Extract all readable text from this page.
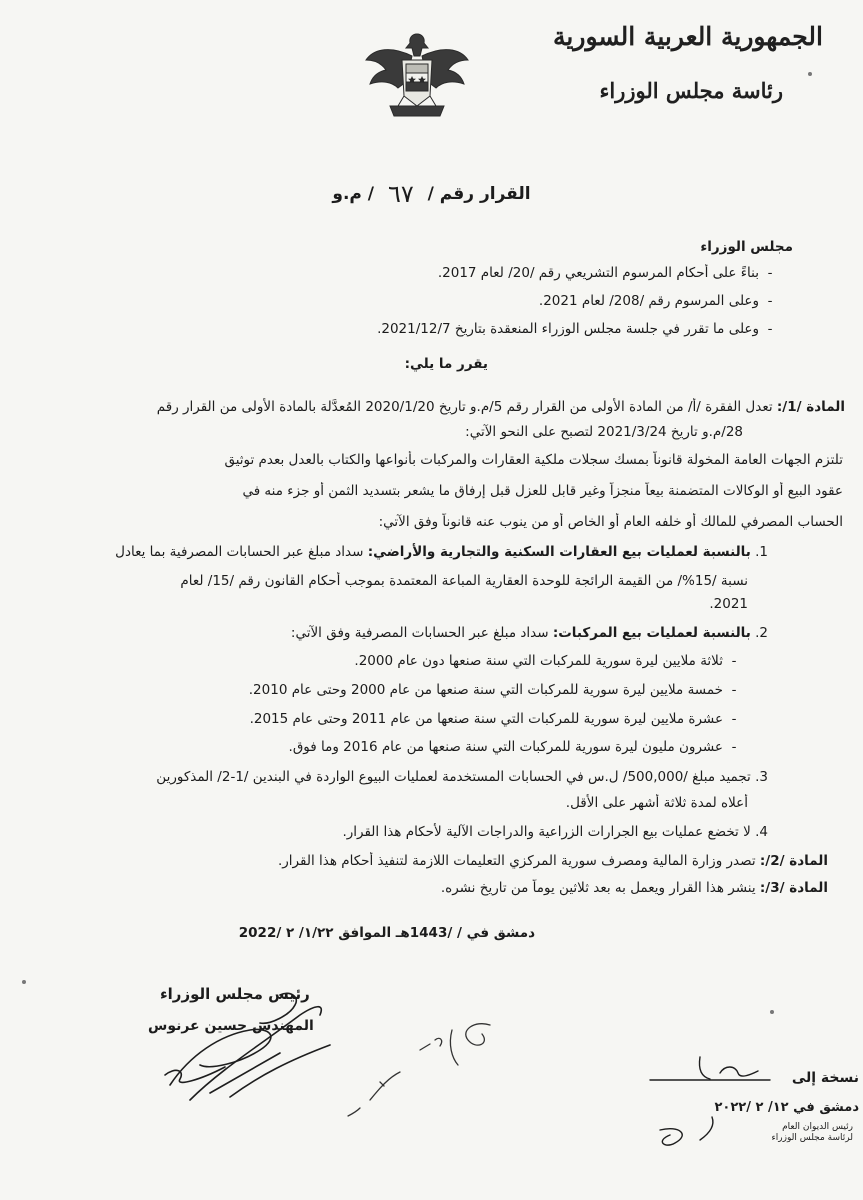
الجمهورية العربية السورية
رئاسة مجلس الوزراء
القرار رقم / ٦٧ / م.و
مجلس الوزراء
-بناءً على أحكام المرسوم التشريعي رقم /20/ لعام 2017.
-وعلى المرسوم رقم /208/ لعام 2021.
-وعلى ما تقرر في جلسة مجلس الوزراء المنعقدة بتاريخ 2021/12/7.
يقرر ما يلي:
المادة /1/: تعدل الفقرة /أ/ من المادة الأولى من القرار رقم 5/م.و تاريخ 2020/1/20 المُعدَّلة بالمادة الأولى من القرار رقم
28/م.و تاريخ 2021/3/24 لتصبح على النحو الآتي:
تلتزم الجهات العامة المخولة قانوناً بمسك سجلات ملكية العقارات والمركبات بأنواعها والكتاب بالعدل بعدم توثيق
عقود البيع أو الوكالات المتضمنة بيعاً منجزاً وغير قابل للعزل قبل إرفاق ما يشعر بتسديد الثمن أو جزء منه في
الحساب المصرفي للمالك أو خلفه العام أو الخاص أو من ينوب عنه قانوناً وفق الآتي:
1. بالنسبة لعمليات بيع العقارات السكنية والتجارية والأراضي: سداد مبلغ عبر الحسابات المصرفية بما يعادل
نسبة /15%/ من القيمة الرائجة للوحدة العقارية المباعة المعتمدة بموجب أحكام القانون رقم /15/ لعام
2021.
2. بالنسبة لعمليات بيع المركبات: سداد مبلغ عبر الحسابات المصرفية وفق الآتي:
-ثلاثة ملايين ليرة سورية للمركبات التي سنة صنعها دون عام 2000.
-خمسة ملايين ليرة سورية للمركبات التي سنة صنعها من عام 2000 وحتى عام 2010.
-عشرة ملايين ليرة سورية للمركبات التي سنة صنعها من عام 2011 وحتى عام 2015.
-عشرون مليون ليرة سورية للمركبات التي سنة صنعها من عام 2016 وما فوق.
3. تجميد مبلغ /500,000/ ل.س في الحسابات المستخدمة لعمليات البيوع الواردة في البندين /1-2/ المذكورين
أعلاه لمدة ثلاثة أشهر على الأقل.
4. لا تخضع عمليات بيع الجرارات الزراعية والدراجات الآلية لأحكام هذا القرار.
المادة /2/: تصدر وزارة المالية ومصرف سورية المركزي التعليمات اللازمة لتنفيذ أحكام هذا القرار.
المادة /3/: ينشر هذا القرار ويعمل به بعد ثلاثين يوماً من تاريخ نشره.
دمشق في / /1443هـ الموافق ١/٢٢/ ٢ /2022
رئيس مجلس الوزراء
المهندس حسين عرنوس
نسخة إلى
دمشق في ١٢/ ٢ /٢٠٢٢
رئيس الديوان العام
لرئاسة مجلس الوزراء
